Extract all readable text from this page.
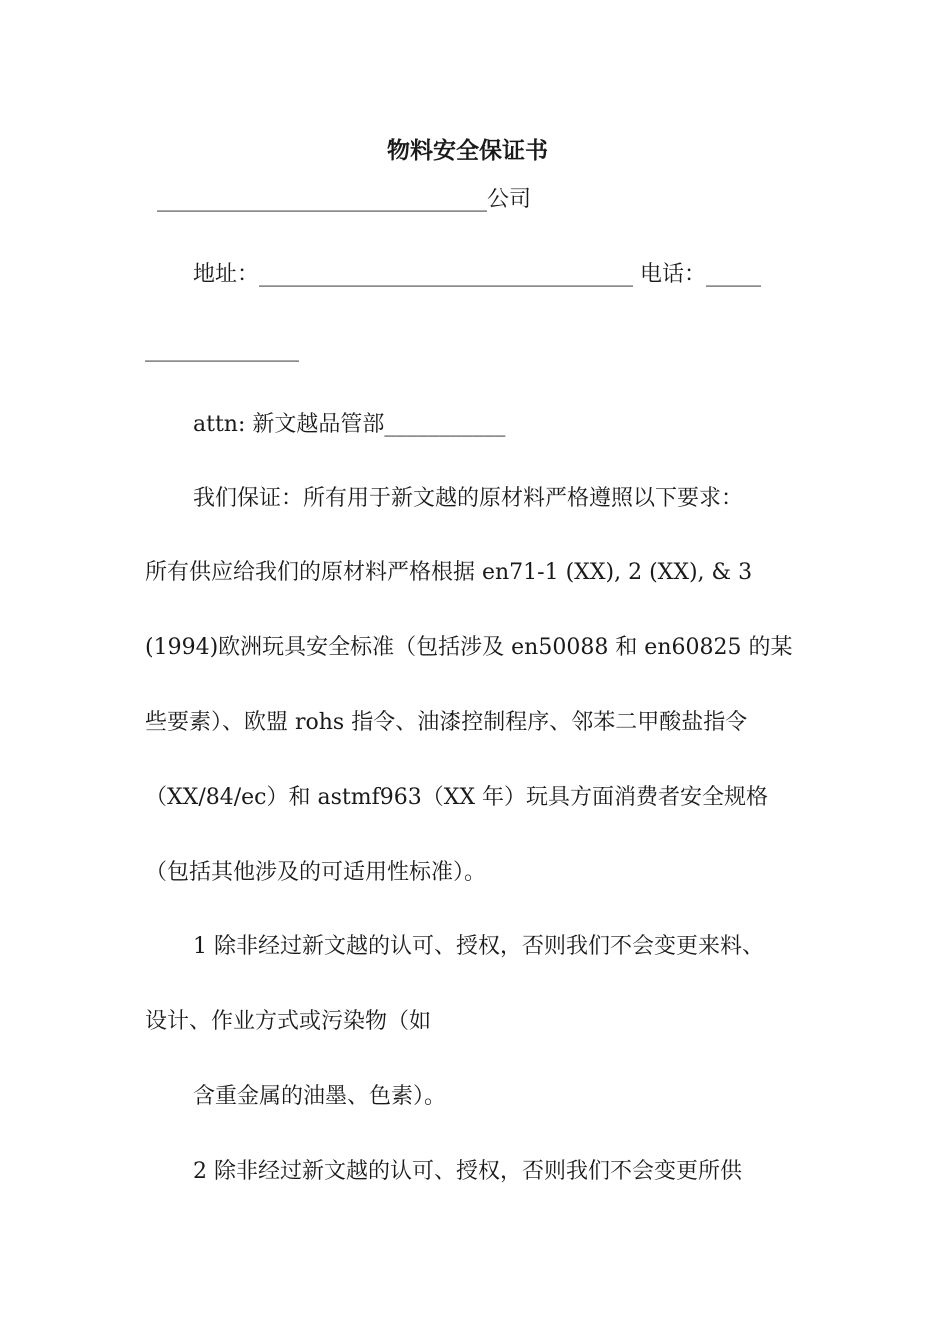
物料安全保证书
______________________________公司
地址：__________________________________ 电话：_____
______________
attn: 新文越品管部___________
我们保证：所有用于新文越的原材料严格遵照以下要求：
所有供应给我们的原材料严格根据 en71-1 (XX), 2 (XX), & 3
(1994)欧洲玩具安全标准（包括涉及 en50088 和 en60825 的某
些要素）、欧盟 rohs 指令、油漆控制程序、邻苯二甲酸盐指令
（XX/84/ec）和 astmf963（XX 年）玩具方面消费者安全规格
（包括其他涉及的可适用性标准）。
1 除非经过新文越的认可、授权，否则我们不会变更来料、
设计、作业方式或污染物（如
含重金属的油墨、色素）。
2 除非经过新文越的认可、授权，否则我们不会变更所供
